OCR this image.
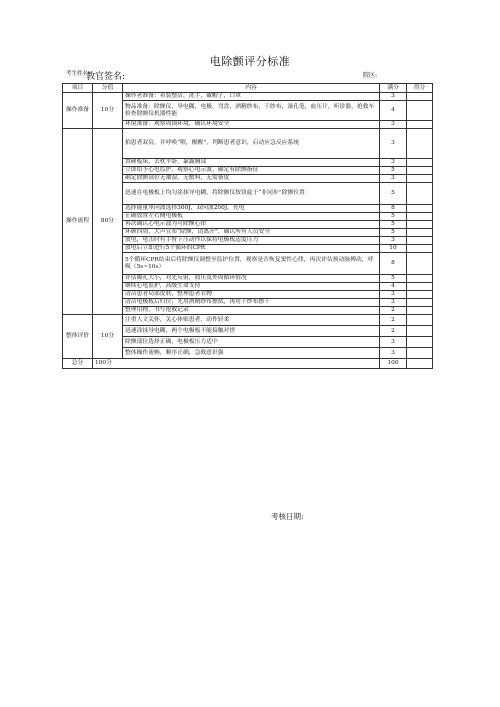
电除颤评分标准
考生姓名:
教官签名:	院区:
项目	分值	内容	满分	得分
操作准备	10分	操作者准备：着装整洁，洗手，戴帽子，口罩	3	
		物品准备：除颤仪，导电糊，电极，弯盘，酒精纱布，干纱布，澡孔笔，血压计，听诊器，抢救车
检查除颤仪机器性能	4	
		环境准备：观察周围环境，确认环境安全	3	
操作流程	80分	拍患者双肩，并呼唤“喂，醒醒”，判断患者意识，启动应急反应系统	3	
		置硬板床，去枕平卧，暴露胸部	3	
		立即给予心电监护，观察心电示波，确定有除颤指征	5	
		确定除颤部位无潮湿，无敷料，无需备皮	3	
		迅速在电极板上均匀涂抹导电糊，将除颤仪按钮旋于“非同步”除颤位置	5	
		选择能量单向波选择360J，双向波200J，充电	8	
		正确放置左右侧电极板	5	
		再次确认心电示波为可除颤心律	5	
		环顾四周，大声宣布“除颤，请离开”，确认所有人员安全	5	
		放电，电击时有手臂下压动作以保持电极板适度压力	3	
		放电后立即进行5个循环的CPR	10	
		5个循环CPR结束后将除颤仪调整至监护位置，观察是否恢复窦性心律，再次评估颈动脉搏动，呼吸（5s~10s）	8	
		评估瞳孔大小，对光反射，血压及外周循环情况	5	
		继续心电监护，高级生命支持	4	
		清洁患者局部皮肤，整理患者衣物	3	
		清洁电极板后归位；先用酒精纱布擦拭，再用干纱布擦干	3	
		整理用物，书写抢救记录	2	
整体评价	10分	注重人文关怀，关心体贴患者，动作轻柔	2	
		迅速涂抹导电糊，两个电极板不能接触对搓	2	
		除颤部位选择正确，电极板压力适中	3	
		整体操作流畅，顺序正确，急救意识强	3	
总分	100分		100	
考核日期:
